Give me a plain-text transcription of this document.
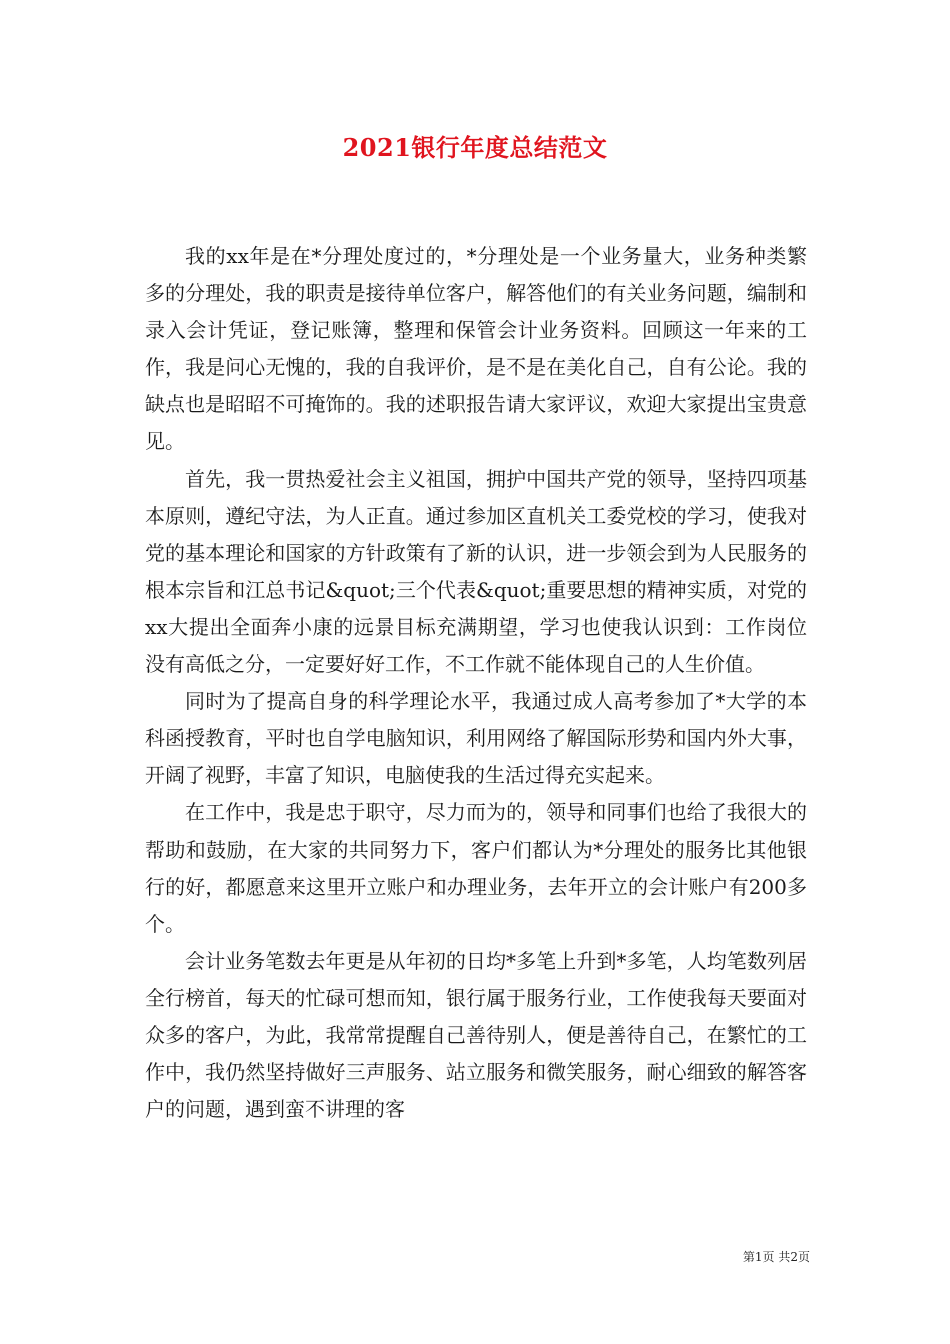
2021银行年度总结范文

我的xx年是在*分理处度过的，*分理处是一个业务量大，业务种类繁多的分理处，我的职责是接待单位客户，解答他们的有关业务问题，编制和录入会计凭证，登记账簿，整理和保管会计业务资料。回顾这一年来的工作，我是问心无愧的，我的自我评价，是不是在美化自己，自有公论。我的缺点也是昭昭不可掩饰的。我的述职报告请大家评议，欢迎大家提出宝贵意见。

首先，我一贯热爱社会主义祖国，拥护中国共产党的领导，坚持四项基本原则，遵纪守法，为人正直。通过参加区直机关工委党校的学习，使我对党的基本理论和国家的方针政策有了新的认识，进一步领会到为人民服务的根本宗旨和江总书记&quot;三个代表&quot;重要思想的精神实质，对党的xx大提出全面奔小康的远景目标充满期望，学习也使我认识到：工作岗位没有高低之分，一定要好好工作，不工作就不能体现自己的人生价值。

同时为了提高自身的科学理论水平，我通过成人高考参加了*大学的本科函授教育，平时也自学电脑知识，利用网络了解国际形势和国内外大事，开阔了视野，丰富了知识，电脑使我的生活过得充实起来。

在工作中，我是忠于职守，尽力而为的，领导和同事们也给了我很大的帮助和鼓励，在大家的共同努力下，客户们都认为*分理处的服务比其他银行的好，都愿意来这里开立账户和办理业务，去年开立的会计账户有200多个。

会计业务笔数去年更是从年初的日均*多笔上升到*多笔，人均笔数列居全行榜首，每天的忙碌可想而知，银行属于服务行业，工作使我每天要面对众多的客户，为此，我常常提醒自己善待别人，便是善待自己，在繁忙的工作中，我仍然坚持做好三声服务、站立服务和微笑服务，耐心细致的解答客户的问题，遇到蛮不讲理的客

第1页 共2页
